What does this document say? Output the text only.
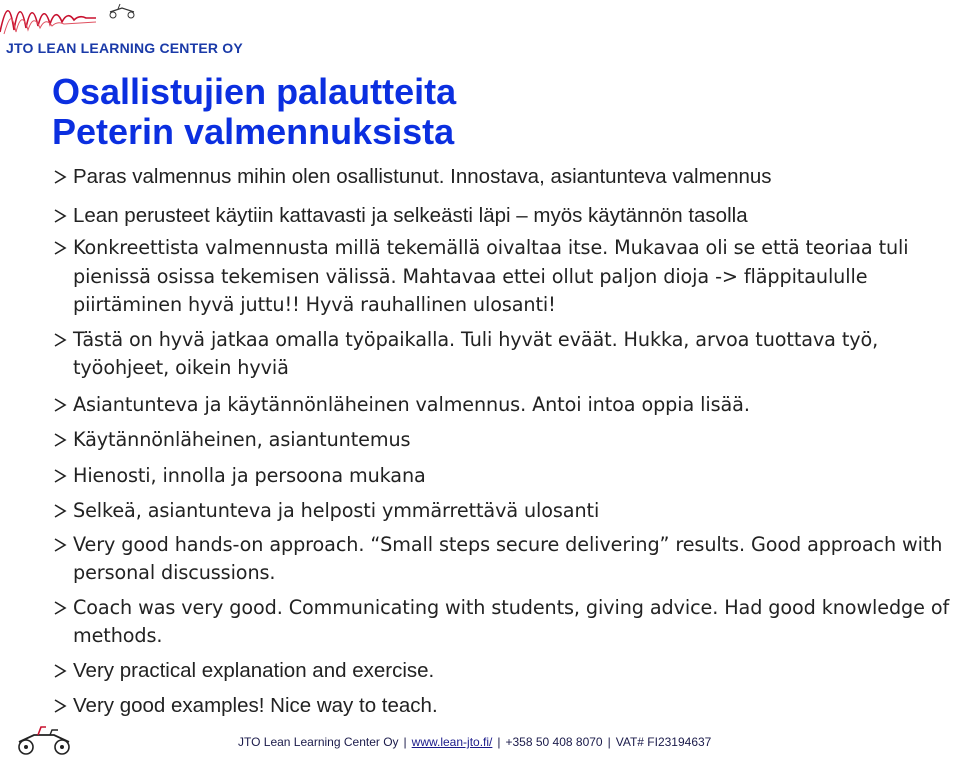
JTO LEAN LEARNING CENTER OY
Osallistujien palautteita
Peterin valmennuksista
Paras valmennus mihin olen osallistunut. Innostava, asiantunteva valmennus
Lean perusteet käytiin kattavasti ja selkeästi läpi – myös käytännön tasolla
Konkreettista valmennusta millä tekemällä oivaltaa itse. Mukavaa oli se että teoriaa tuli pienissä osissa tekemisen välissä. Mahtavaa ettei ollut paljon dioja -> fläppitaululle piirtäminen hyvä juttu!! Hyvä rauhallinen ulosanti!
Tästä on hyvä jatkaa omalla työpaikalla. Tuli hyvät eväät. Hukka, arvoa tuottava työ, työohjeet, oikein hyviä
Asiantunteva ja käytännönläheinen valmennus. Antoi intoa oppia lisää.
Käytännönläheinen, asiantuntemus
Hienosti, innolla ja persoona mukana
Selkeä, asiantunteva ja helposti ymmärrettävä ulosanti
Very good hands-on approach. “Small steps secure delivering” results. Good approach with personal discussions.
Coach was very good. Communicating with students, giving advice. Had good knowledge of methods.
Very practical explanation and exercise.
Very good examples! Nice way to teach.
JTO Lean Learning Center Oy | www.lean-jto.fi/ | +358 50 408 8070 | VAT# FI23194637
